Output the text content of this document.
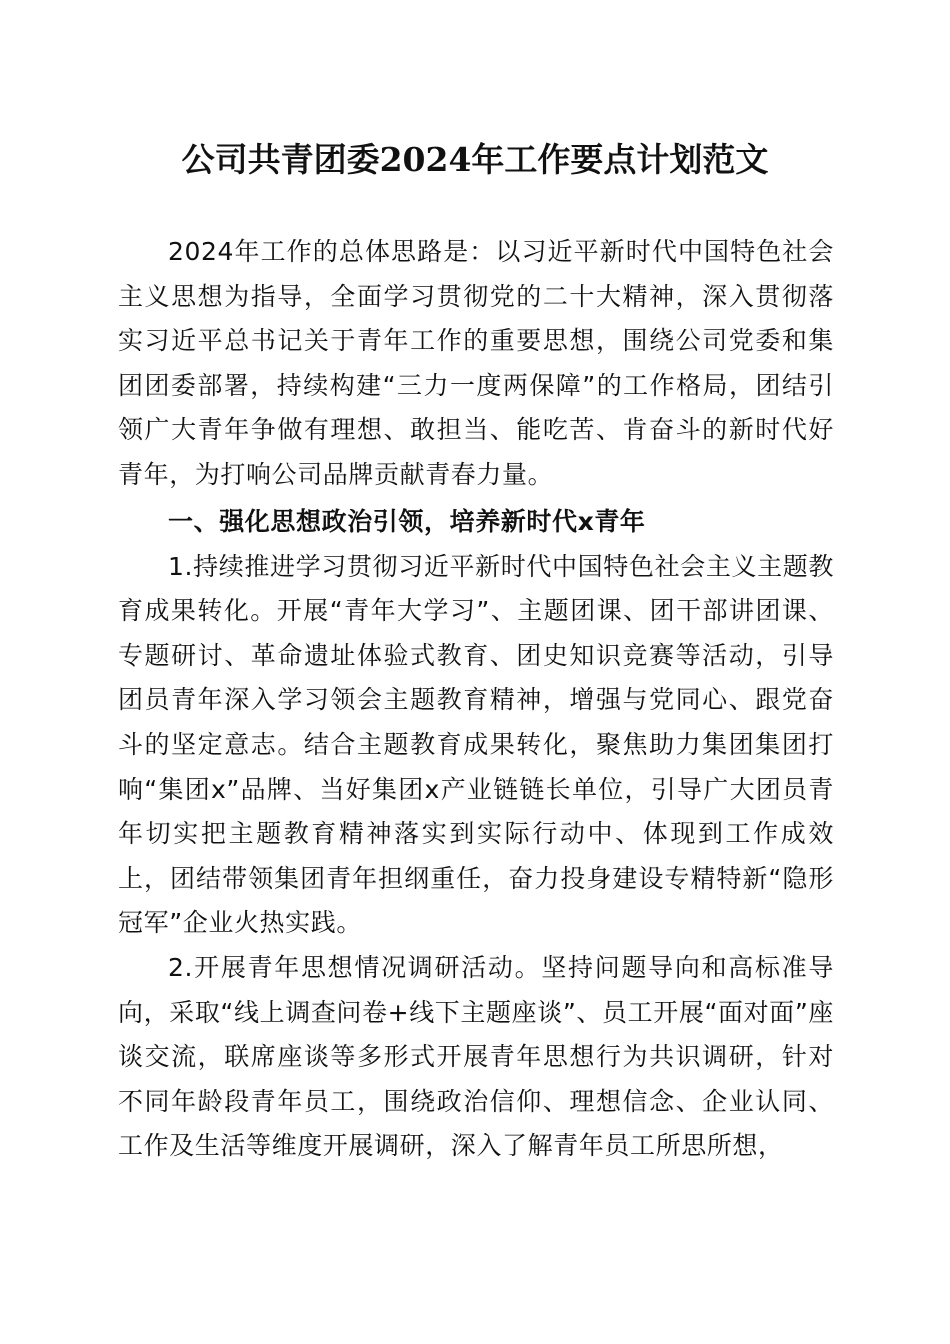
公司共青团委2024年工作要点计划范文

2024年工作的总体思路是：以习近平新时代中国特色社会主义思想为指导，全面学习贯彻党的二十大精神，深入贯彻落实习近平总书记关于青年工作的重要思想，围绕公司党委和集团团委部署，持续构建“三力一度两保障”的工作格局，团结引领广大青年争做有理想、敢担当、能吃苦、肯奋斗的新时代好青年，为打响公司品牌贡献青春力量。

一、强化思想政治引领，培养新时代x青年

1.持续推进学习贯彻习近平新时代中国特色社会主义主题教育成果转化。开展“青年大学习”、主题团课、团干部讲团课、专题研讨、革命遗址体验式教育、团史知识竞赛等活动，引导团员青年深入学习领会主题教育精神，增强与党同心、跟党奋斗的坚定意志。结合主题教育成果转化，聚焦助力集团集团打响“集团x”品牌、当好集团x产业链链长单位，引导广大团员青年切实把主题教育精神落实到实际行动中、体现到工作成效上，团结带领集团青年担纲重任，奋力投身建设专精特新“隐形冠军”企业火热实践。

2.开展青年思想情况调研活动。坚持问题导向和高标准导向，采取“线上调查问卷+线下主题座谈”、员工开展“面对面”座谈交流，联席座谈等多形式开展青年思想行为共识调研，针对不同年龄段青年员工，围绕政治信仰、理想信念、企业认同、工作及生活等维度开展调研，深入了解青年员工所思所想，
